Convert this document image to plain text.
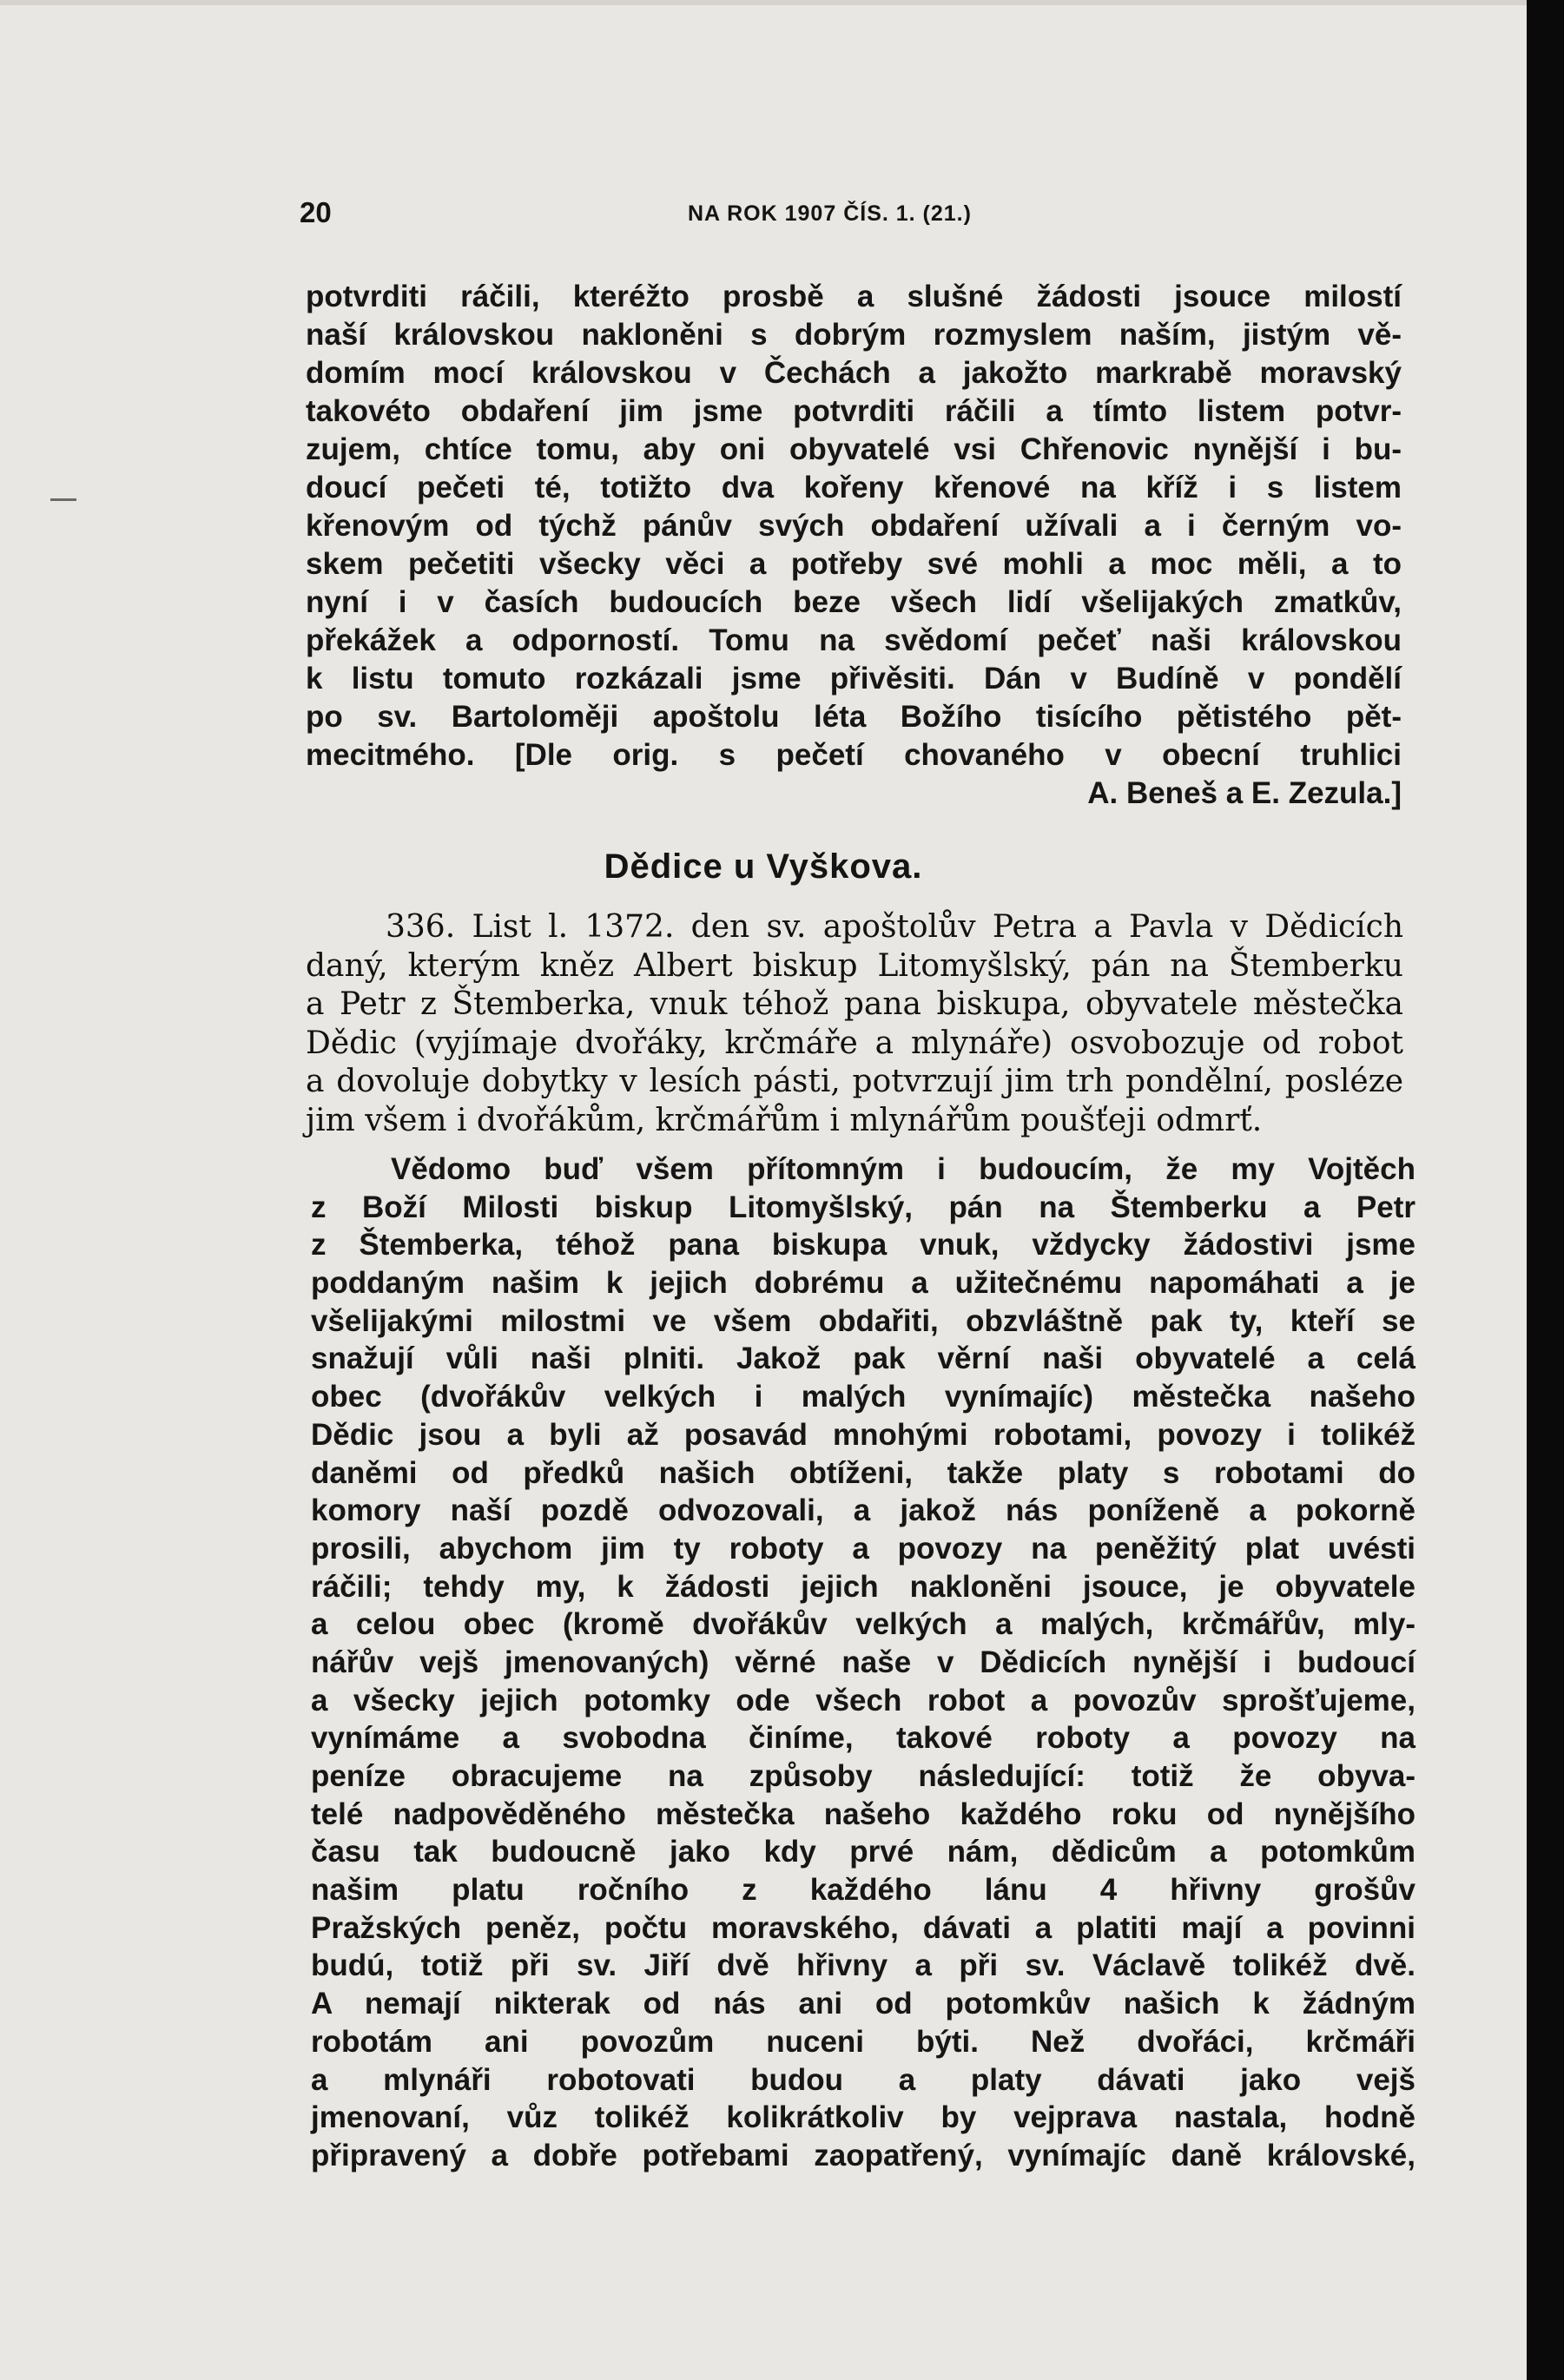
20	NA ROK 1907 ČÍS. 1. (21.)
potvrditi ráčili, kteréžto prosbě a slušné žádosti jsouce milostí
naší královskou nakloněni s dobrým rozmyslem naším, jistým vě-
domím mocí královskou v Čechách a jakožto markrabě moravský
takovéto obdaření jim jsme potvrditi ráčili a tímto listem potvr-
zujem, chtíce tomu, aby oni obyvatelé vsi Chřenovic nynější i bu-
doucí pečeti té, totižto dva kořeny křenové na kříž i s listem
křenovým od týchž pánův svých obdaření užívali a i černým vo-
skem pečetiti všecky věci a potřeby své mohli a moc měli, a to
nyní i v časích budoucích beze všech lidí všelijakých zmatkův,
překážek a odporností. Tomu na svědomí pečeť naši královskou
k listu tomuto rozkázali jsme přivěsiti. Dán v Budíně v pondělí
po sv. Bartoloměji apoštolu léta Božího tisícího pětistého pět-
mecitmého. [Dle orig. s pečetí chovaného v obecní truhlici
A. Beneš a E. Zezula.]
Dědice u Vyškova.
336. List l. 1372. den sv. apoštolův Petra a Pavla v Dědicích
daný, kterým kněz Albert biskup Litomyšlský, pán na Štemberku
a Petr z Štemberka, vnuk téhož pana biskupa, obyvatele městečka
Dědic (vyjímaje dvořáky, krčmáře a mlynáře) osvobozuje od robot
a dovoluje dobytky v lesích pásti, potvrzují jim trh pondělní, posléze
jim všem i dvořákům, krčmářům i mlynářům poušťeji odmrť.
Vědomo buď všem přítomným i budoucím, že my Vojtěch
z Boží Milosti biskup Litomyšlský, pán na Štemberku a Petr
z Štemberka, téhož pana biskupa vnuk, vždycky žádostivi jsme
poddaným našim k jejich dobrému a užitečnému napomáhati a je
všelijakými milostmi ve všem obdařiti, obzvláštně pak ty, kteří se
snažují vůli naši plniti. Jakož pak věrní naši obyvatelé a celá
obec (dvořákův velkých i malých vynímajíc) městečka našeho
Dědic jsou a byli až posavád mnohými robotami, povozy i tolikéž
daněmi od předků našich obtíženi, takže platy s robotami do
komory naší pozdě odvozovali, a jakož nás poníženě a pokorně
prosili, abychom jim ty roboty a povozy na peněžitý plat uvésti
ráčili; tehdy my, k žádosti jejich nakloněni jsouce, je obyvatele
a celou obec (kromě dvořákův velkých a malých, krčmářův, mly-
nářův vejš jmenovaných) věrné naše v Dědicích nynější i budoucí
a všecky jejich potomky ode všech robot a povozův sprošťujeme,
vynímáme a svobodna činíme, takové roboty a povozy na
peníze obracujeme na způsoby následující: totiž že obyva-
telé nadpověděného městečka našeho každého roku od nynějšího
času tak budoucně jako kdy prvé nám, dědicům a potomkům
našim platu ročního z každého lánu 4 hřivny grošův
Pražských peněz, počtu moravského, dávati a platiti mají a povinni
budú, totiž při sv. Jiří dvě hřivny a při sv. Václavě tolikéž dvě.
A nemají nikterak od nás ani od potomkův našich k žádným
robotám ani povozům nuceni býti. Než dvořáci, krčmáři
a mlynáři robotovati budou a platy dávati jako vejš
jmenovaní, vůz tolikéž kolikrátkoliv by vejprava nastala, hodně
připravený a dobře potřebami zaopatřený, vynímajíc daně královské,
